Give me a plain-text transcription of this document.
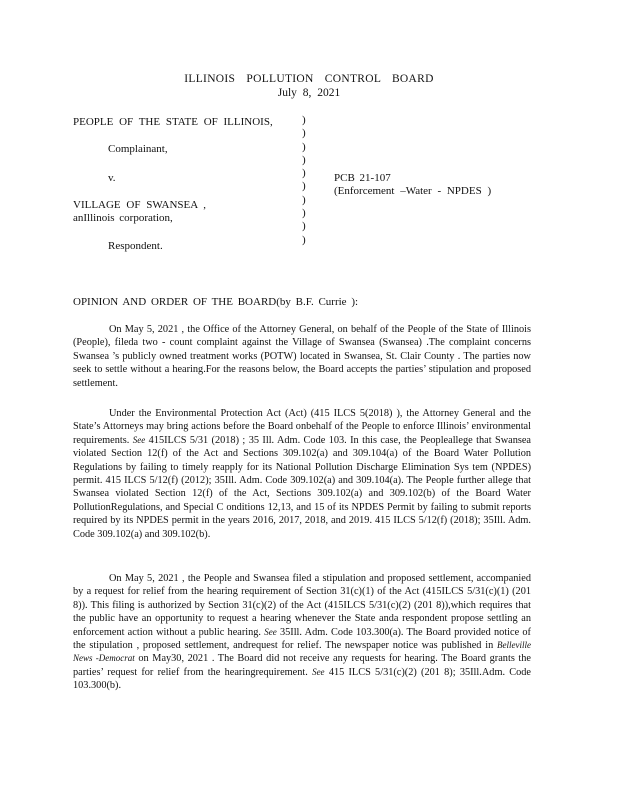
ILLINOIS POLLUTION CONTROL BOARD
July 8, 2021
PEOPLE OF THE STATE OF ILLINOIS,
Complainant,
v.
VILLAGE OF SWANSEA ,
anIllinois corporation,
Respondent.
)
)
)
)
)
)
)
)
)
)
PCB 21-107
(Enforcement –Water - NPDES )
OPINION AND ORDER OF THE BOARD(by B.F. Currie ):

On May 5, 2021 , the Office of the Attorney General, on behalf of the People of the State of Illinois (People), fileda two - count complaint against the Village of Swansea (Swansea) .The complaint concerns Swansea ’s publicly owned treatment works (POTW) located in Swansea, St. Clair County . The parties now seek to settle without a hearing.For the reasons below, the Board accepts the parties’ stipulation and proposed settlement.

Under the Environmental Protection Act (Act) (415 ILCS 5(2018) ), the Attorney General and the State’s Attorneys may bring actions before the Board onbehalf of the People to enforce Illinois’ environmental requirements. See 415ILCS 5/31 (2018) ; 35 Ill. Adm. Code 103. In this case, the Peopleallege that Swansea violated Section 12(f) of the Act and Sections 309.102(a) and 309.104(a) of the Board Water Pollution Regulations by failing to timely reapply for its National Pollution Discharge Elimination Sys tem (NPDES) permit. 415 ILCS 5/12(f) (2012); 35Ill. Adm. Code 309.102(a) and 309.104(a). The People further allege that Swansea violated Section 12(f) of the Act, Sections 309.102(a) and 309.102(b) of the Board Water PollutionRegulations, and Special C onditions 12,13, and 15 of its NPDES Permit by failing to submit reports required by its NPDES permit in the years 2016, 2017, 2018, and 2019. 415 ILCS 5/12(f) (2018); 35Ill. Adm. Code 309.102(a) and 309.102(b).

On May 5, 2021 , the People and Swansea filed a stipulation and proposed settlement, accompanied by a request for relief from the hearing requirement of Section 31(c)(1) of the Act (415ILCS 5/31(c)(1) (201 8)). This filing is authorized by Section 31(c)(2) of the Act (415ILCS 5/31(c)(2) (201 8)),which requires that the public have an opportunity to request a hearing whenever the State anda respondent propose settling an enforcement action without a public hearing. See 35Ill. Adm. Code 103.300(a). The Board provided notice of the stipulation , proposed settlement, andrequest for relief. The newspaper notice was published in Belleville News -Democrat on May30, 2021 . The Board did not receive any requests for hearing. The Board grants the parties’ request for relief from the hearingrequirement. See 415 ILCS 5/31(c)(2) (201 8); 35Ill.Adm. Code 103.300(b).
